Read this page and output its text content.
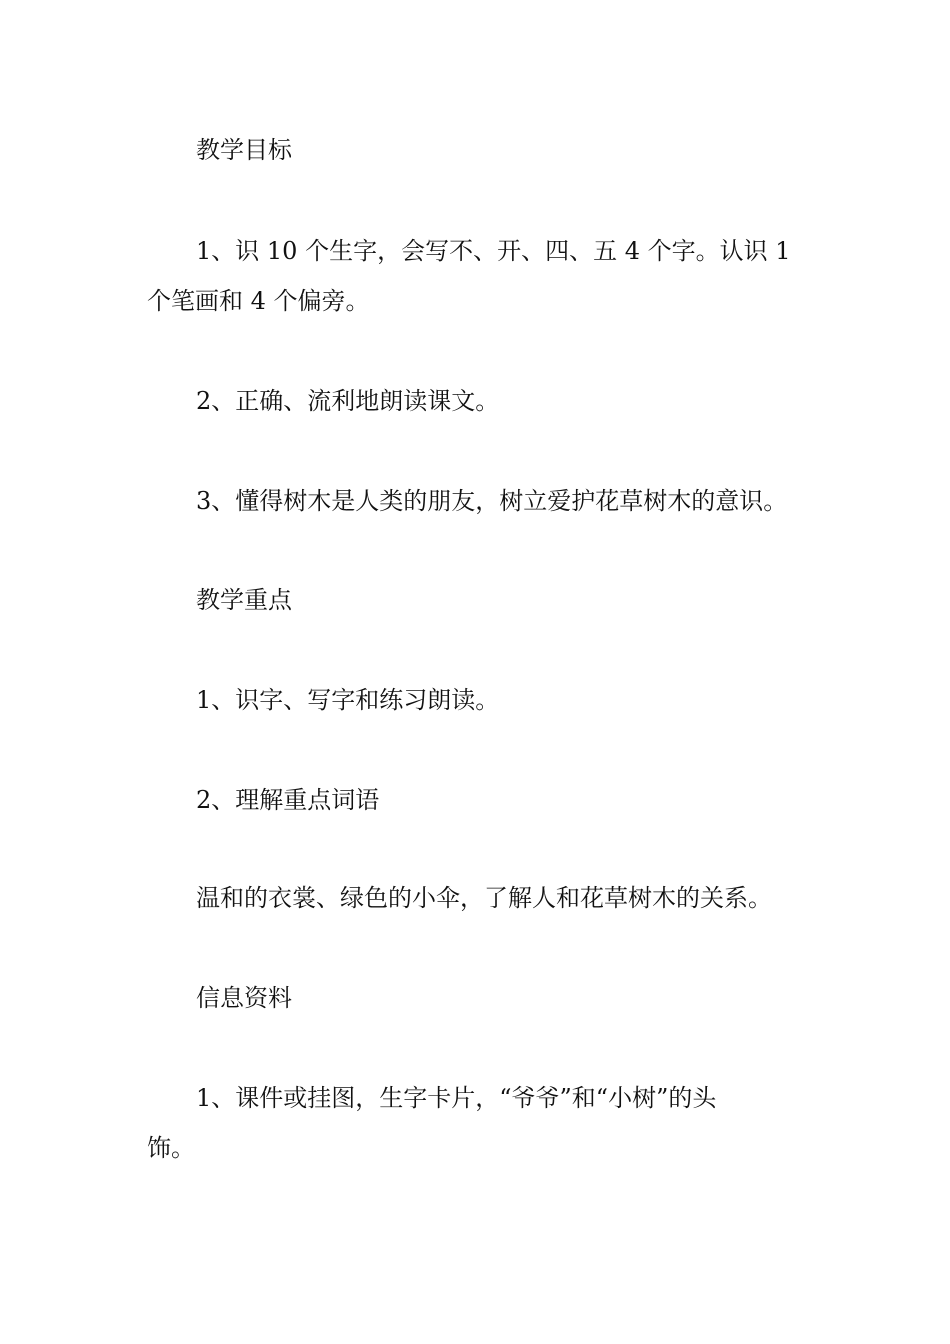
教学目标

1、识 10 个生字，会写不、开、四、五 4 个字。认识 1

个笔画和 4 个偏旁。

2、正确、流利地朗读课文。

3、懂得树木是人类的朋友，树立爱护花草树木的意识。

教学重点

1、识字、写字和练习朗读。

2、理解重点词语

温和的衣裳、绿色的小伞，了解人和花草树木的关系。

信息资料

1、课件或挂图，生字卡片，“爷爷”和“小树”的头

饰。
